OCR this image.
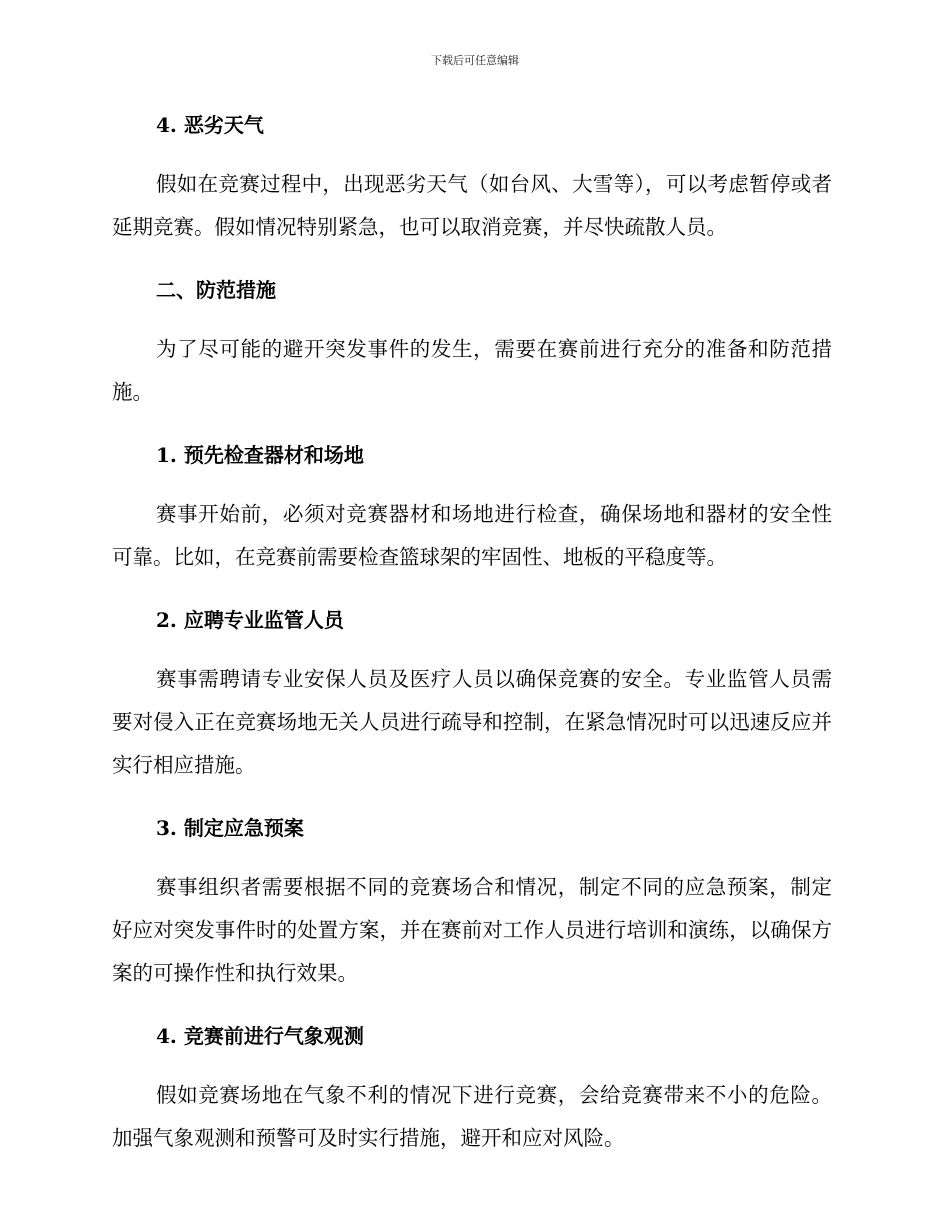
下载后可任意编辑

4. 恶劣天气

假如在竞赛过程中，出现恶劣天气（如台风、大雪等），可以考虑暂停或者延期竞赛。假如情况特别紧急，也可以取消竞赛，并尽快疏散人员。

二、防范措施

为了尽可能的避开突发事件的发生，需要在赛前进行充分的准备和防范措施。

1. 预先检查器材和场地

赛事开始前，必须对竞赛器材和场地进行检查，确保场地和器材的安全性可靠。比如，在竞赛前需要检查篮球架的牢固性、地板的平稳度等。

2. 应聘专业监管人员

赛事需聘请专业安保人员及医疗人员以确保竞赛的安全。专业监管人员需要对侵入正在竞赛场地无关人员进行疏导和控制，在紧急情况时可以迅速反应并实行相应措施。

3. 制定应急预案

赛事组织者需要根据不同的竞赛场合和情况，制定不同的应急预案，制定好应对突发事件时的处置方案，并在赛前对工作人员进行培训和演练，以确保方案的可操作性和执行效果。

4. 竞赛前进行气象观测

假如竞赛场地在气象不利的情况下进行竞赛，会给竞赛带来不小的危险。加强气象观测和预警可及时实行措施，避开和应对风险。
